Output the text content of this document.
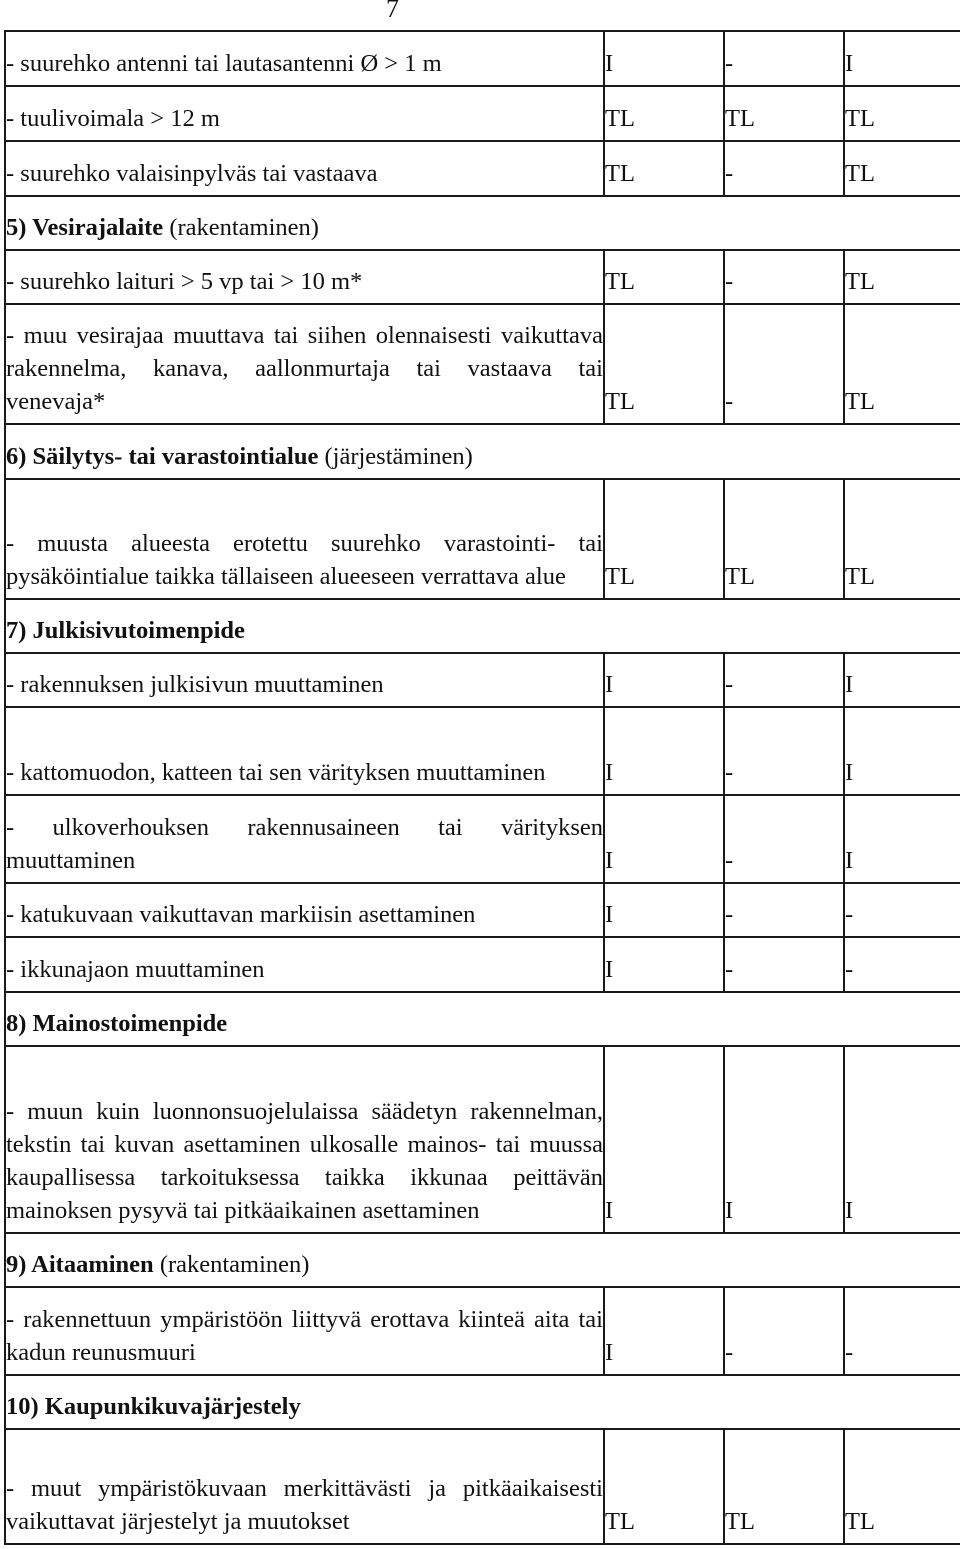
7
- suurehko antenni tai lautasantenni Ø > 1 m	I	-	I

- tuulivoimala > 12 m	TL	TL	TL

- suurehko valaisinpylväs tai vastaava	TL	-	TL

5) Vesirajalaite (rakentaminen)			

- suurehko laituri > 5 vp tai > 10 m*	TL	-	TL

- muu vesirajaa muuttava tai siihen olennaisesti vaikuttava rakennelma, kanava, aallonmurtaja tai vastaava tai venevaja*	TL	-	TL

6) Säilytys- tai varastointialue (järjestäminen)			

- muusta alueesta erotettu suurehko varastointi- tai pysäköintialue taikka tällaiseen alueeseen verrattava alue	TL	TL	TL

7) Julkisivutoimenpide			

- rakennuksen julkisivun muuttaminen	I	-	I

- kattomuodon, katteen tai sen värityksen muuttaminen	I	-	I

- ulkoverhouksen rakennusaineen tai värityksen muuttaminen	I	-	I

- katukuvaan vaikuttavan markiisin asettaminen	I	-	-

- ikkunajaon muuttaminen	I	-	-

8) Mainostoimenpide			

- muun kuin luonnonsuojelulaissa säädetyn rakennelman, tekstin tai kuvan asettaminen ulkosalle mainos- tai muussa kaupallisessa tarkoituksessa taikka ikkunaa peittävän mainoksen pysyvä tai pitkäaikainen asettaminen	I	I	I

9) Aitaaminen (rakentaminen)			

- rakennettuun ympäristöön liittyvä erottava kiinteä aita tai kadun reunusmuuri	I	-	-

10) Kaupunkikuvajärjestely			

- muut ympäristökuvaan merkittävästi ja pitkäaikaisesti vaikuttavat järjestelyt ja muutokset	TL	TL	TL
